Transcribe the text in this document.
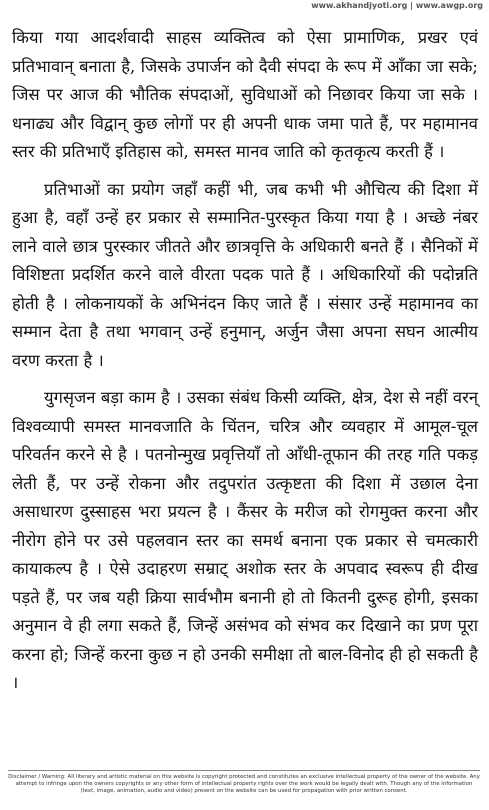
www.akhandjyoti.org | www.awgp.org

किया गया आदर्शवादी साहस व्यक्तित्व को ऐसा प्रामाणिक, प्रखर एवं प्रतिभावान् बनाता है, जिसके उपार्जन को दैवी संपदा के रूप में आँका जा सके; जिस पर आज की भौतिक संपदाओं, सुविधाओं को निछावर किया जा सके । धनाढ्य और विद्वान् कुछ लोगों पर ही अपनी धाक जमा पाते हैं, पर महामानव स्तर की प्रतिभाएँ इतिहास को, समस्त मानव जाति को कृतकृत्य करती हैं ।

प्रतिभाओं का प्रयोग जहाँ कहीं भी, जब कभी भी औचित्य की दिशा में हुआ है, वहाँ उन्हें हर प्रकार से सम्मानित-पुरस्कृत किया गया है । अच्छे नंबर लाने वाले छात्र पुरस्कार जीतते और छात्रवृत्ति के अधिकारी बनते हैं । सैनिकों में विशिष्टता प्रदर्शित करने वाले वीरता पदक पाते हैं । अधिकारियों की पदोन्नति होती है । लोकनायकों के अभिनंदन किए जाते हैं । संसार उन्हें महामानव का सम्मान देता है तथा भगवान् उन्हें हनुमान्, अर्जुन जैसा अपना सघन आत्मीय वरण करता है ।

युगसृजन बड़ा काम है । उसका संबंध किसी व्यक्ति, क्षेत्र, देश से नहीं वरन् विश्वव्यापी समस्त मानवजाति के चिंतन, चरित्र और व्यवहार में आमूल-चूल परिवर्तन करने से है । पतनोन्मुख प्रवृत्तियाँ तो आँधी-तूफान की तरह गति पकड़ लेती हैं, पर उन्हें रोकना और तदुपरांत उत्कृष्टता की दिशा में उछाल देना असाधारण दुस्साहस भरा प्रयत्न है । कैंसर के मरीज को रोगमुक्त करना और नीरोग होने पर उसे पहलवान स्तर का समर्थ बनाना एक प्रकार से चमत्कारी कायाकल्प है । ऐसे उदाहरण सम्राट् अशोक स्तर के अपवाद स्वरूप ही दीख पड़ते हैं, पर जब यही क्रिया सार्वभौम बनानी हो तो कितनी दुरूह होगी, इसका अनुमान वे ही लगा सकते हैं, जिन्हें असंभव को संभव कर दिखाने का प्रण पूरा करना हो; जिन्हें करना कुछ न हो उनकी समीक्षा तो बाल-विनोद ही हो सकती है ।

Disclaimer / Warning: All literary and artistic material on this website is copyright protected and constitutes an exclusive intellectual property of the owner of the website. Any attempt to infringe upon the owners copyrights or any other form of intellectual property rights over the work would be legally dealt with. Though any of the information (text, image, animation, audio and video) present on the website can be used for propagation with prior written consent.
